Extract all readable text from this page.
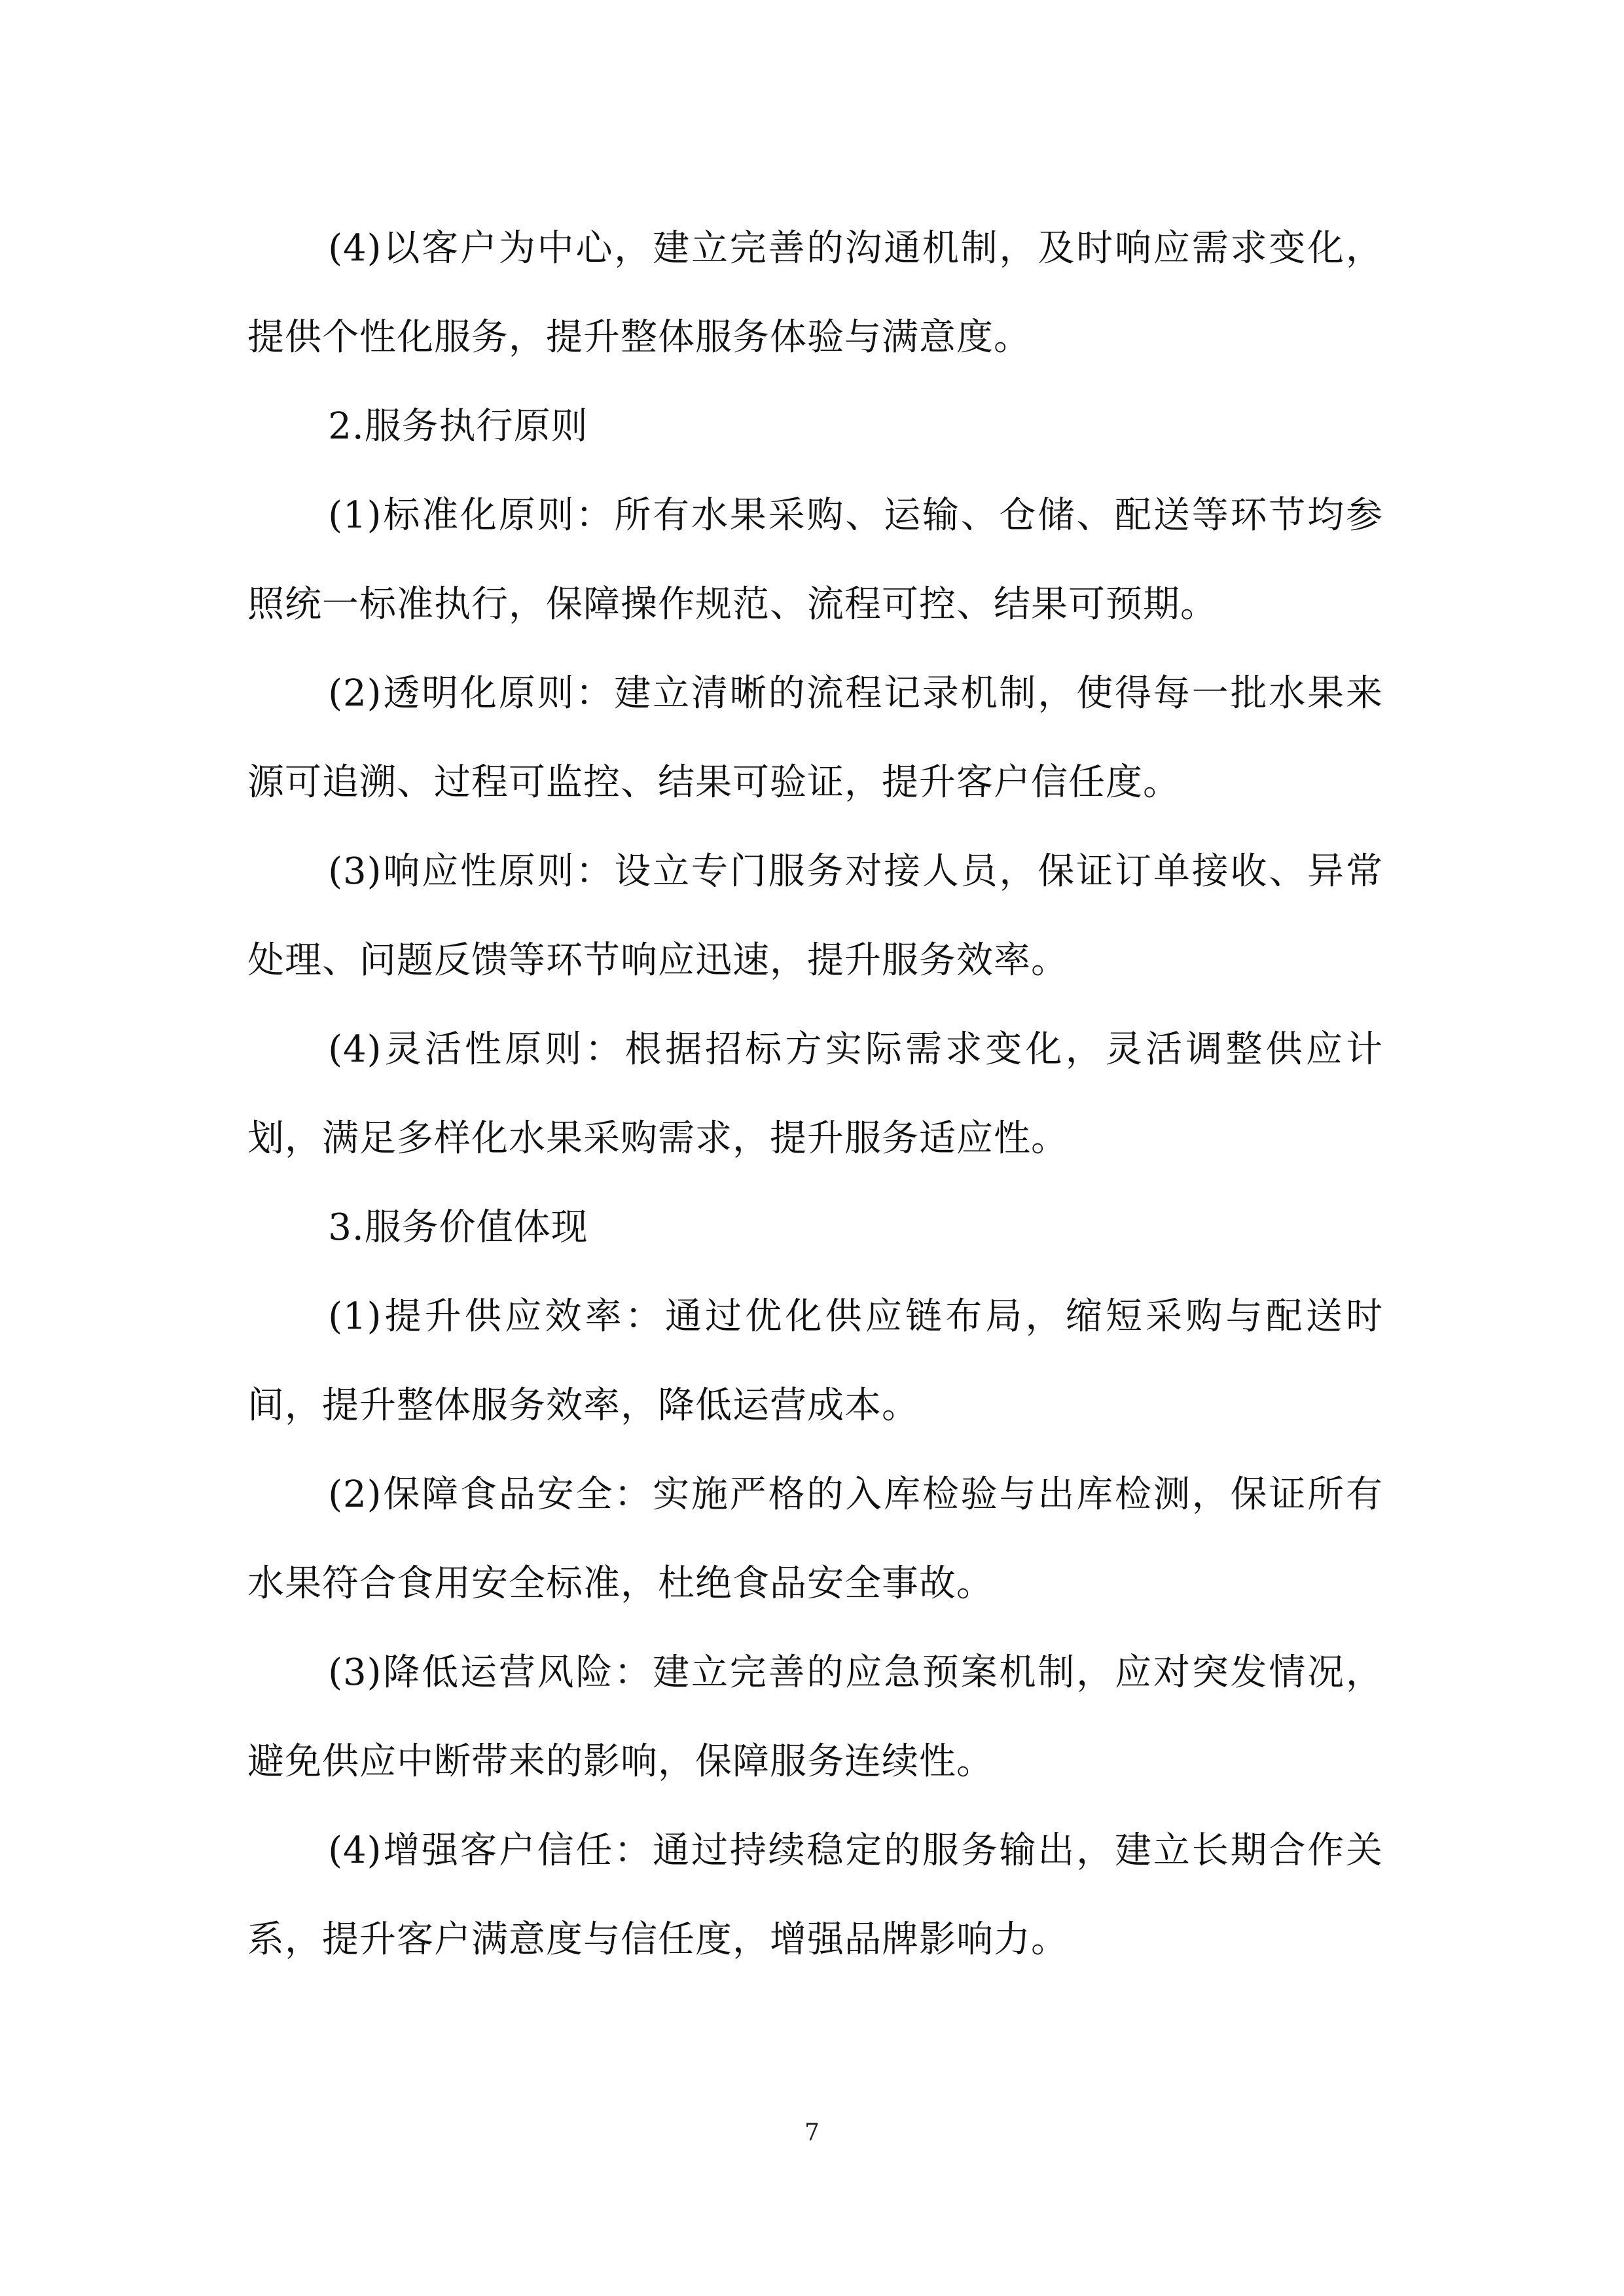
(4)以客户为中心，建立完善的沟通机制，及时响应需求变化，提供个性化服务，提升整体服务体验与满意度。

2.服务执行原则

(1)标准化原则：所有水果采购、运输、仓储、配送等环节均参照统一标准执行，保障操作规范、流程可控、结果可预期。

(2)透明化原则：建立清晰的流程记录机制，使得每一批水果来源可追溯、过程可监控、结果可验证，提升客户信任度。

(3)响应性原则：设立专门服务对接人员，保证订单接收、异常处理、问题反馈等环节响应迅速，提升服务效率。

(4)灵活性原则：根据招标方实际需求变化，灵活调整供应计划，满足多样化水果采购需求，提升服务适应性。

3.服务价值体现

(1)提升供应效率：通过优化供应链布局，缩短采购与配送时间，提升整体服务效率，降低运营成本。

(2)保障食品安全：实施严格的入库检验与出库检测，保证所有水果符合食用安全标准，杜绝食品安全事故。

(3)降低运营风险：建立完善的应急预案机制，应对突发情况，避免供应中断带来的影响，保障服务连续性。

(4)增强客户信任：通过持续稳定的服务输出，建立长期合作关系，提升客户满意度与信任度，增强品牌影响力。

7
